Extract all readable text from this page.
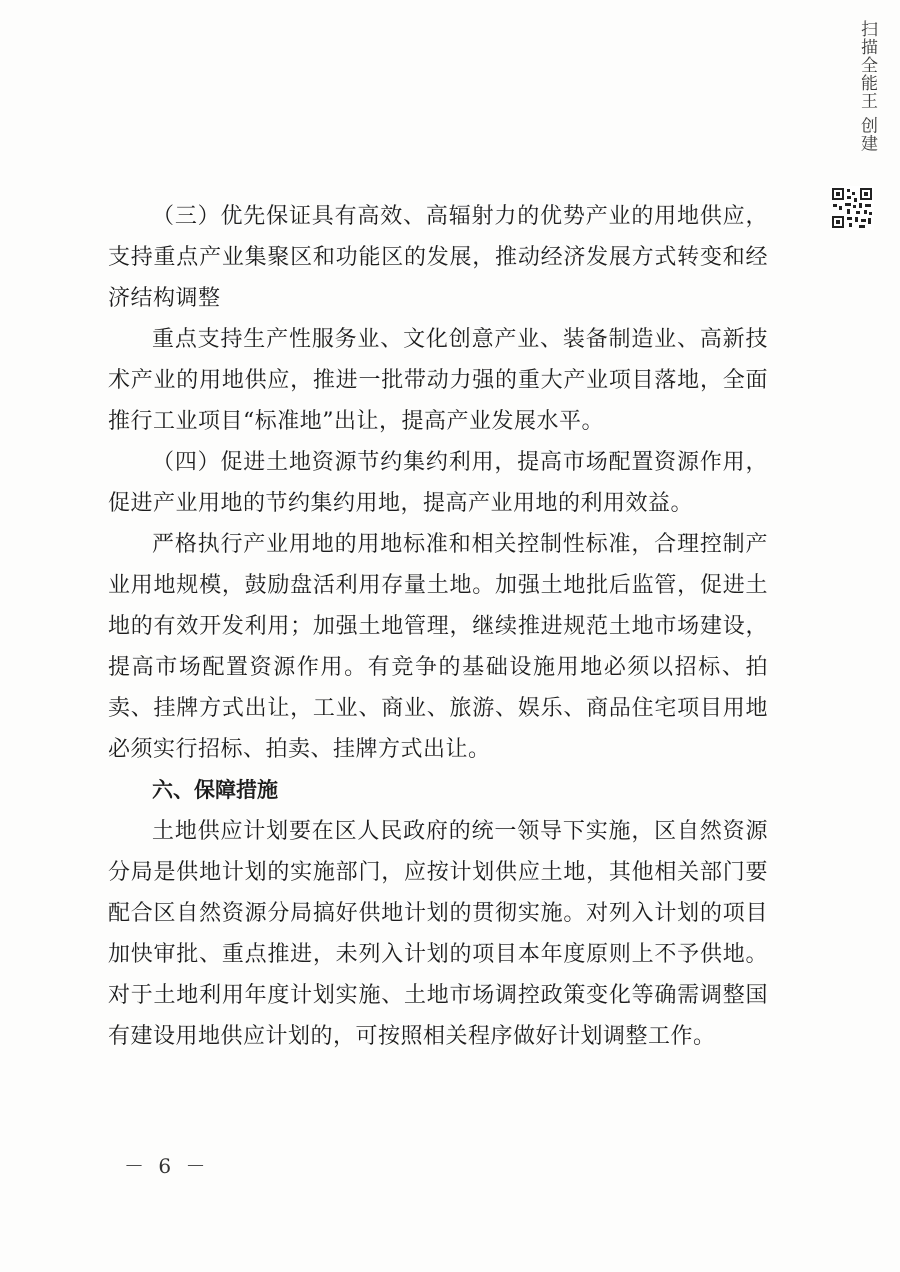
扫描全能王 创建

（三）优先保证具有高效、高辐射力的优势产业的用地供应，支持重点产业集聚区和功能区的发展，推动经济发展方式转变和经济结构调整

重点支持生产性服务业、文化创意产业、装备制造业、高新技术产业的用地供应，推进一批带动力强的重大产业项目落地，全面推行工业项目“标准地”出让，提高产业发展水平。

（四）促进土地资源节约集约利用，提高市场配置资源作用，促进产业用地的节约集约用地，提高产业用地的利用效益。

严格执行产业用地的用地标准和相关控制性标准，合理控制产业用地规模，鼓励盘活利用存量土地。加强土地批后监管，促进土地的有效开发利用；加强土地管理，继续推进规范土地市场建设，提高市场配置资源作用。有竞争的基础设施用地必须以招标、拍卖、挂牌方式出让，工业、商业、旅游、娱乐、商品住宅项目用地必须实行招标、拍卖、挂牌方式出让。

六、保障措施

土地供应计划要在区人民政府的统一领导下实施，区自然资源分局是供地计划的实施部门，应按计划供应土地，其他相关部门要配合区自然资源分局搞好供地计划的贯彻实施。对列入计划的项目加快审批、重点推进，未列入计划的项目本年度原则上不予供地。对于土地利用年度计划实施、土地市场调控政策变化等确需调整国有建设用地供应计划的，可按照相关程序做好计划调整工作。

－ 6 －
